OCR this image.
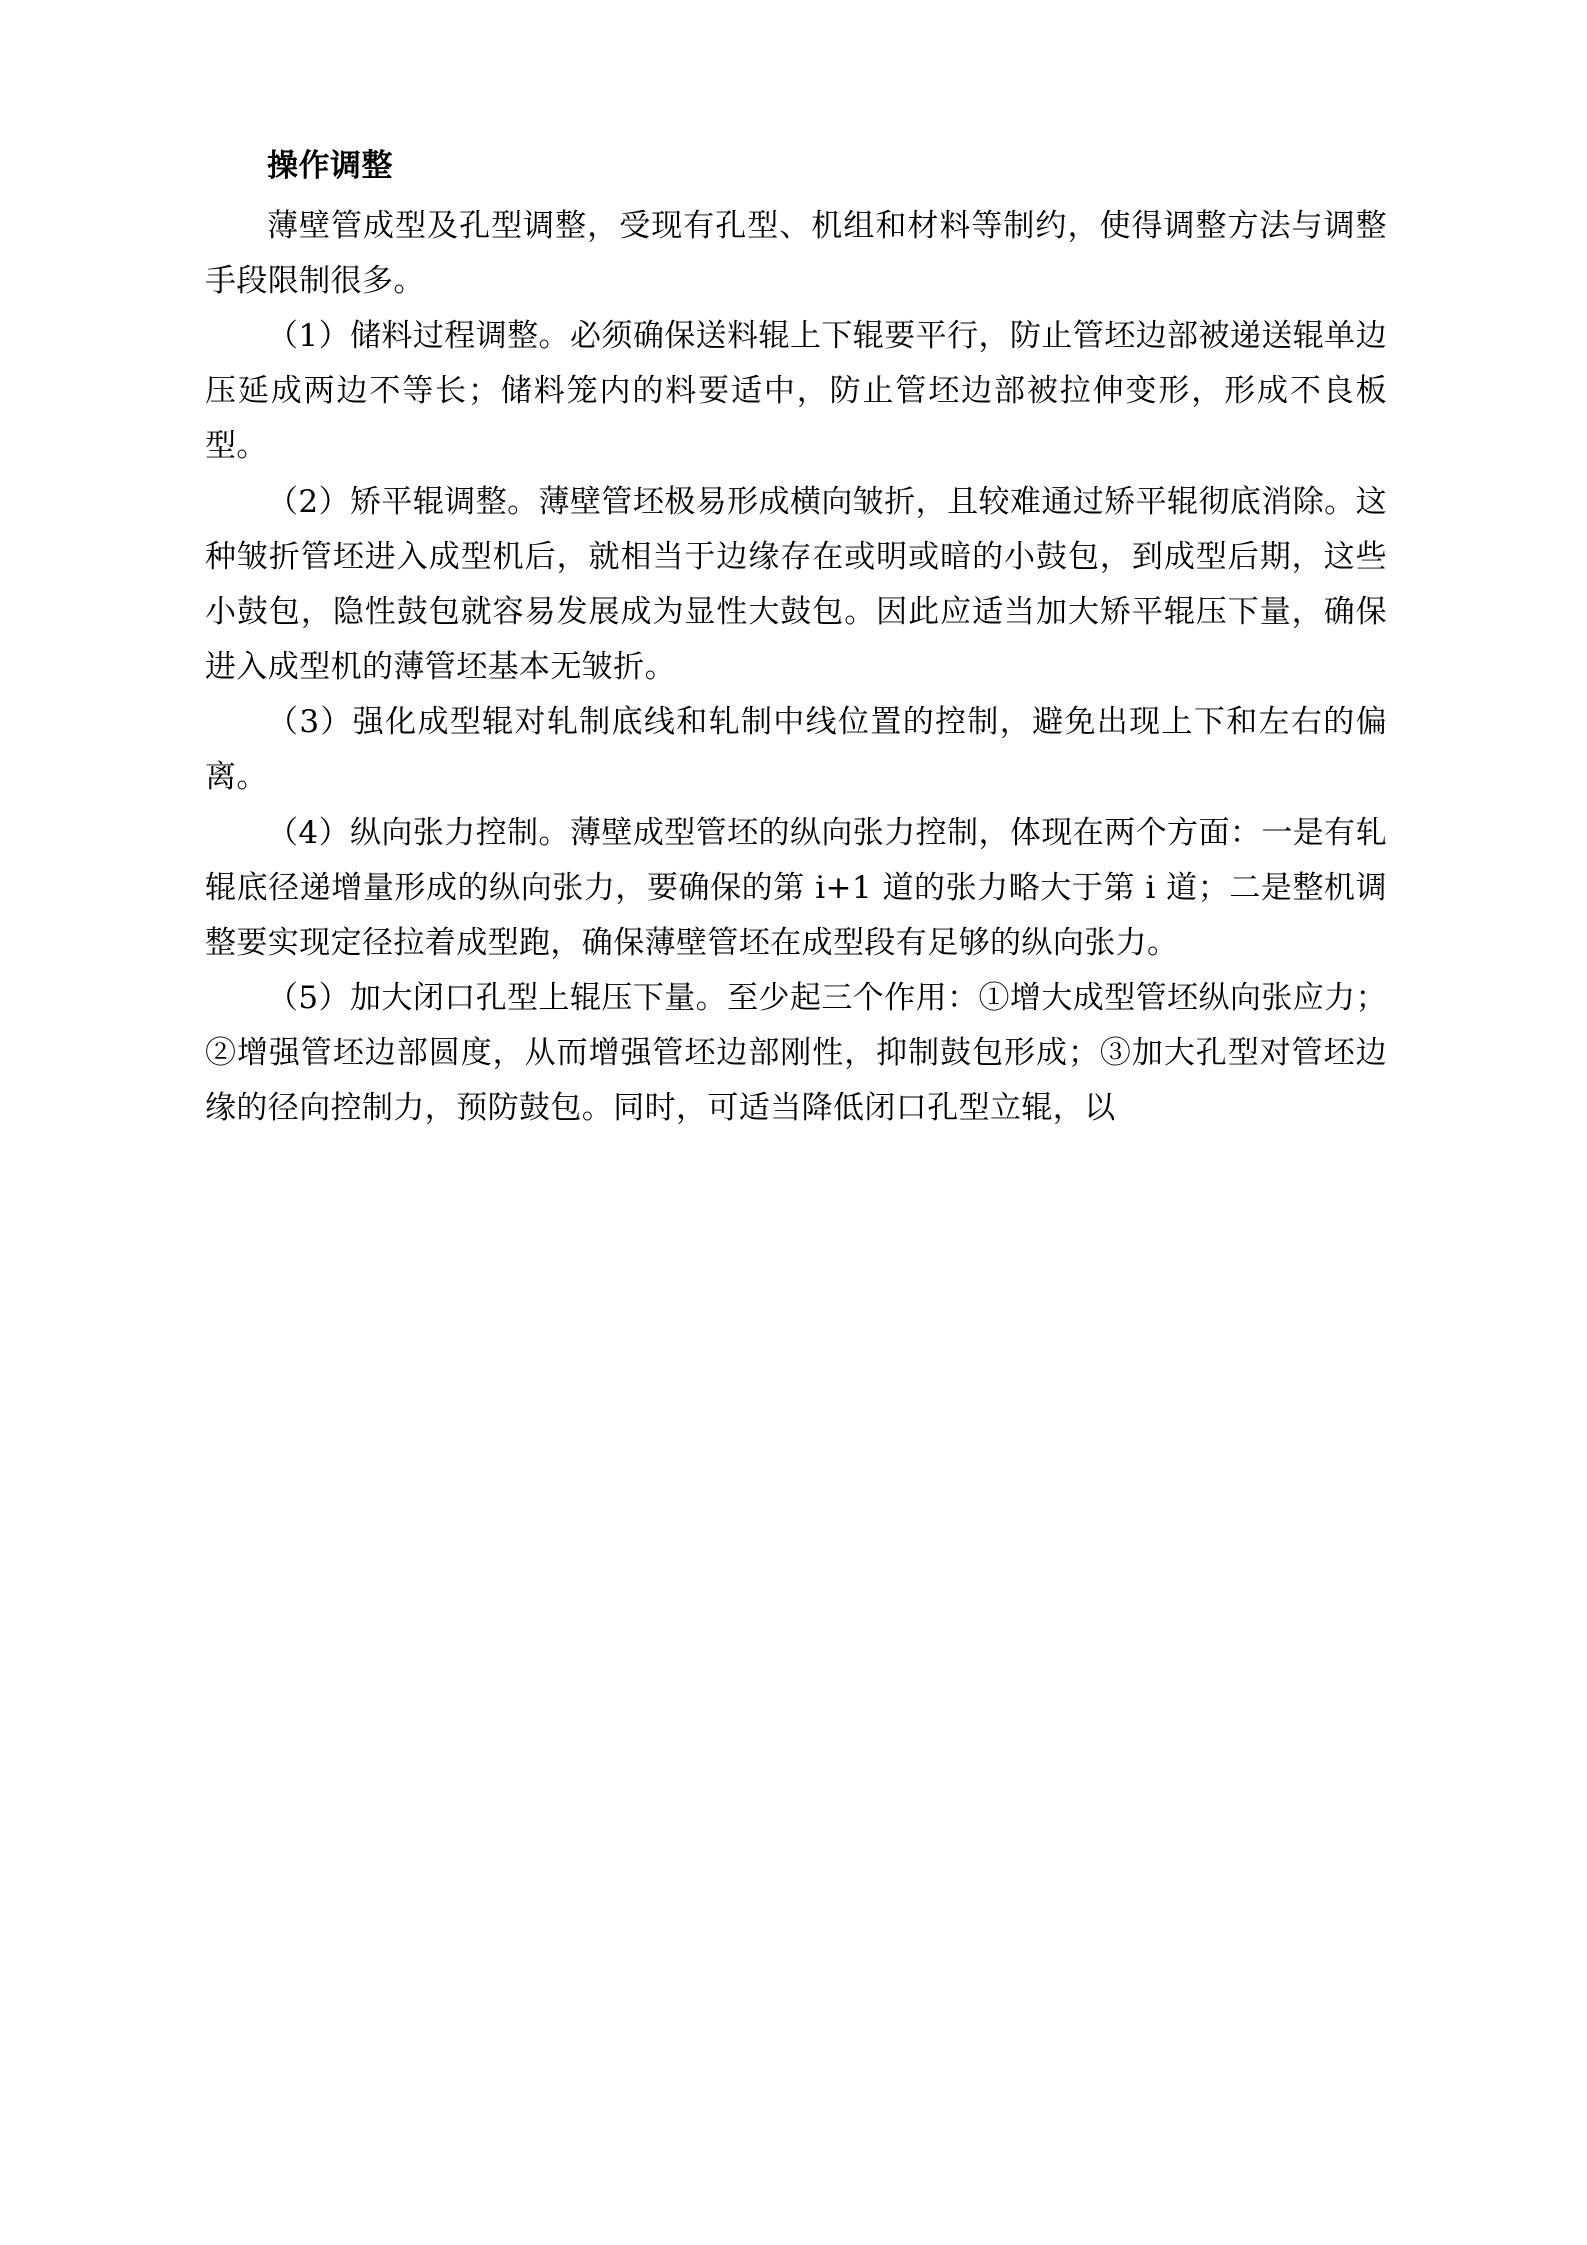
操作调整

薄壁管成型及孔型调整，受现有孔型、机组和材料等制约，使得调整方法与调整手段限制很多。

（1）储料过程调整。必须确保送料辊上下辊要平行，防止管坯边部被递送辊单边压延成两边不等长；储料笼内的料要适中，防止管坯边部被拉伸变形，形成不良板型。

（2）矫平辊调整。薄壁管坯极易形成横向皱折，且较难通过矫平辊彻底消除。这种皱折管坯进入成型机后，就相当于边缘存在或明或暗的小鼓包，到成型后期，这些小鼓包，隐性鼓包就容易发展成为显性大鼓包。因此应适当加大矫平辊压下量，确保进入成型机的薄管坯基本无皱折。

（3）强化成型辊对轧制底线和轧制中线位置的控制，避免出现上下和左右的偏离。

（4）纵向张力控制。薄壁成型管坯的纵向张力控制，体现在两个方面：一是有轧辊底径递增量形成的纵向张力，要确保的第 i+1 道的张力略大于第 i 道；二是整机调整要实现定径拉着成型跑，确保薄壁管坯在成型段有足够的纵向张力。

（5）加大闭口孔型上辊压下量。至少起三个作用：①增大成型管坯纵向张应力；②增强管坯边部圆度，从而增强管坯边部刚性，抑制鼓包形成；③加大孔型对管坯边缘的径向控制力，预防鼓包。同时，可适当降低闭口孔型立辊，以
